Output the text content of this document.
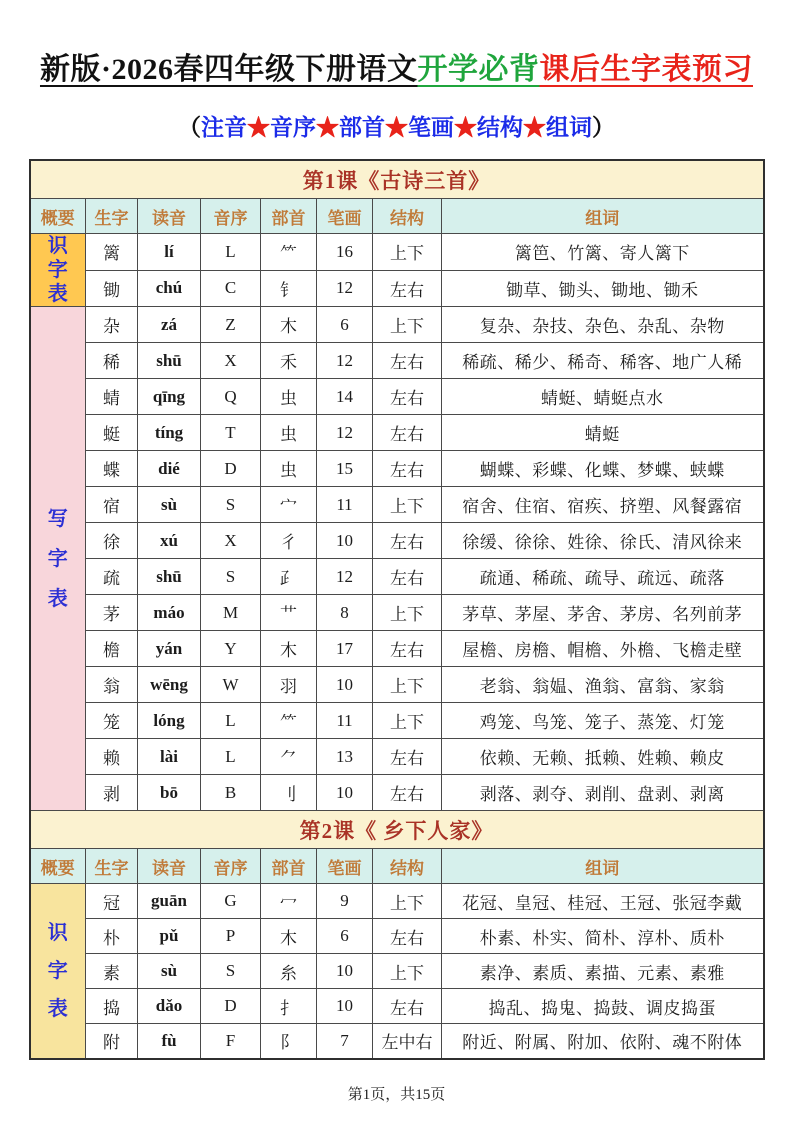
新版·2026春四年级下册语文开学必背课后生字表预习
（注音★音序★部首★笔画★结构★组词）
第1课《古诗三首》							
概要	生字	读音	音序	部首	笔画	结构	组词

识
字
表	篱	lí	L	⺮	16	上下	篱笆、竹篱、寄人篱下
	锄	chú	C	钅	12	左右	锄草、锄头、锄地、锄禾

写
字
表	杂	zá	Z	木	6	上下	复杂、杂技、杂色、杂乱、杂物
	稀	shū	X	禾	12	左右	稀疏、稀少、稀奇、稀客、地广人稀
	蜻	qīng	Q	虫	14	左右	蜻蜓、蜻蜓点水
	蜓	tíng	T	虫	12	左右	蜻蜓
	蝶	dié	D	虫	15	左右	蝴蝶、彩蝶、化蝶、梦蝶、蛱蝶
	宿	sù	S	宀	11	上下	宿舍、住宿、宿疾、挤塑、风餐露宿
	徐	xú	X	彳	10	左右	徐缓、徐徐、姓徐、徐氏、清风徐来
	疏	shū	S	⺪	12	左右	疏通、稀疏、疏导、疏远、疏落
	茅	máo	M	艹	8	上下	茅草、茅屋、茅舍、茅房、名列前茅
	檐	yán	Y	木	17	左右	屋檐、房檐、帽檐、外檐、飞檐走壁
	翁	wēng	W	羽	10	上下	老翁、翁媪、渔翁、富翁、家翁
	笼	lóng	L	⺮	11	上下	鸡笼、鸟笼、笼子、蒸笼、灯笼
	赖	lài	L	⺈	13	左右	依赖、无赖、抵赖、姓赖、赖皮
	剥	bō	B	刂	10	左右	剥落、剥夺、剥削、盘剥、剥离
第2课《 乡下人家》							
概要	生字	读音	音序	部首	笔画	结构	组词

识
字
表	冠	guān	G	冖	9	上下	花冠、皇冠、桂冠、王冠、张冠李戴
	朴	pǔ	P	木	6	左右	朴素、朴实、简朴、淳朴、质朴
	素	sù	S	糸	10	上下	素净、素质、素描、元素、素雅
	捣	dǎo	D	扌	10	左右	捣乱、捣鬼、捣鼓、调皮捣蛋
	附	fù	F	阝	7	左中右	附近、附属、附加、依附、魂不附体
第1页，共15页
